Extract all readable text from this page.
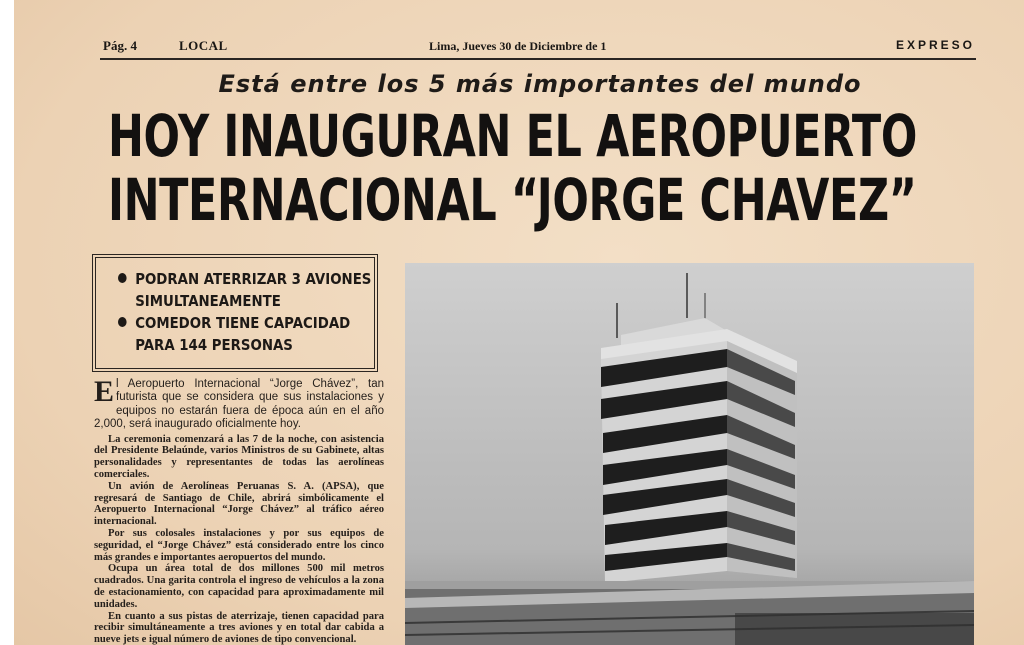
Pág. 4	LOCAL	Lima, Jueves 30 de Diciembre de 1	EXPRESO
Está entre los 5 más importantes del mundo
HOY INAUGURAN EL AEROPUERTO
INTERNACIONAL “JORGE CHAVEZ”
PODRAN ATERRIZAR 3 AVIONES SIMULTANEAMENTE
COMEDOR TIENE CAPACIDAD PARA 144 PERSONAS

E l Aeropuerto Internacional “Jorge Chávez”, tan futurista que se considera que sus instalaciones y equipos no estarán fuera de época aún en el año 2,000, será inaugurado oficialmente hoy.

La ceremonia comenzará a las 7 de la noche, con asistencia del Presidente Belaúnde, varios Ministros de su Gabinete, altas personalidades y representantes de todas las aerolíneas comerciales.

Un avión de Aerolíneas Peruanas S. A. (APSA), que regresará de Santiago de Chile, abrirá simbólicamente el Aeropuerto Internacional “Jorge Chávez” al tráfico aéreo internacional.

Por sus colosales instalaciones y por sus equipos de seguridad, el “Jorge Chávez” está considerado entre los cinco más grandes e importantes aeropuertos del mundo.

Ocupa un área total de dos millones 500 mil metros cuadrados. Una garita controla el ingreso de vehículos a la zona de estacionamiento, con capacidad para aproximadamente mil unidades.

En cuanto a sus pistas de aterrizaje, tienen capacidad para recibir simultáneamente a tres aviones y en total dar cabida a nueve jets e igual número de aviones de tipo convencional.
